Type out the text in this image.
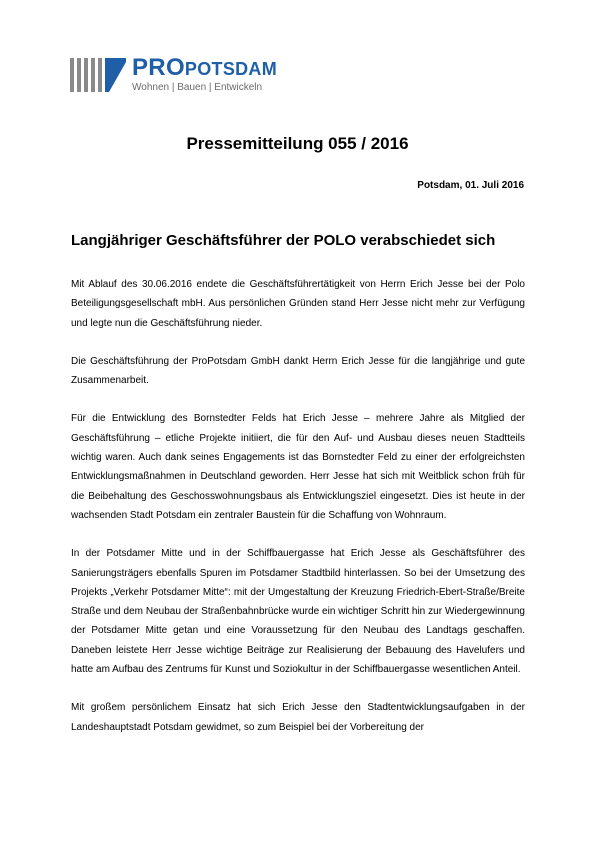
PROPOTSDAM
Wohnen | Bauen | Entwickeln
Pressemitteilung 055 / 2016
Potsdam, 01. Juli 2016
Langjähriger Geschäftsführer der POLO verabschiedet sich

Mit Ablauf des 30.06.2016 endete die Geschäftsführertätigkeit von Herrn Erich Jesse bei der Polo Beteiligungsgesellschaft mbH. Aus persönlichen Gründen stand Herr Jesse nicht mehr zur Verfügung und legte nun die Geschäftsführung nieder.

Die Geschäftsführung der ProPotsdam GmbH dankt Herrn Erich Jesse für die langjährige und gute Zusammenarbeit.

Für die Entwicklung des Bornstedter Felds hat Erich Jesse – mehrere Jahre als Mitglied der Geschäftsführung – etliche Projekte initiiert, die für den Auf- und Ausbau dieses neuen Stadtteils wichtig waren. Auch dank seines Engagements ist das Bornstedter Feld zu einer der erfolgreichsten Entwicklungsmaßnahmen in Deutschland geworden. Herr Jesse hat sich mit Weitblick schon früh für die Beibehaltung des Geschosswohnungsbaus als Entwicklungsziel eingesetzt. Dies ist heute in der wachsenden Stadt Potsdam ein zentraler Baustein für die Schaffung von Wohnraum.

In der Potsdamer Mitte und in der Schiffbauergasse hat Erich Jesse als Geschäftsführer des Sanierungsträgers ebenfalls Spuren im Potsdamer Stadtbild hinterlassen. So bei der Umsetzung des Projekts „Verkehr Potsdamer Mitte“: mit der Umgestaltung der Kreuzung Friedrich-Ebert-Straße/Breite Straße und dem Neubau der Straßenbahnbrücke wurde ein wichtiger Schritt hin zur Wiedergewinnung der Potsdamer Mitte getan und eine Voraussetzung für den Neubau des Landtags geschaffen. Daneben leistete Herr Jesse wichtige Beiträge zur Realisierung der Bebauung des Havelufers und hatte am Aufbau des Zentrums für Kunst und Soziokultur in der Schiffbauergasse wesentlichen Anteil.

Mit großem persönlichem Einsatz hat sich Erich Jesse den Stadtentwicklungsaufgaben in der Landeshauptstadt Potsdam gewidmet, so zum Beispiel bei der Vorbereitung der
